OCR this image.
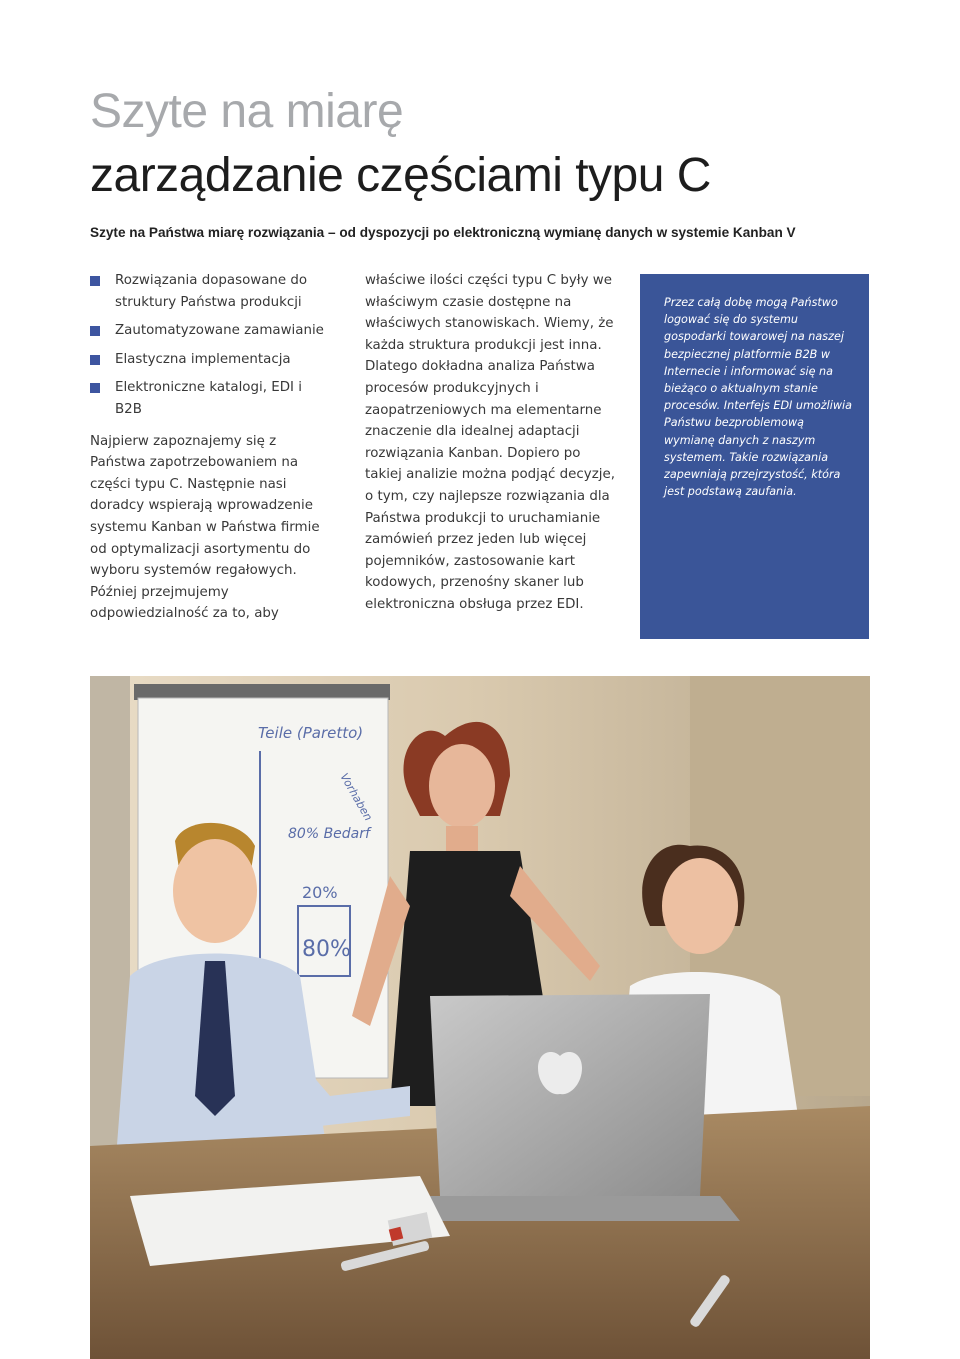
Szyte na miarę
zarządzanie częściami typu C

Szyte na Państwa miarę rozwiązania – od dyspozycji po elektroniczną wymianę danych w systemie Kanban V

Rozwiązania dopasowane do struktury Państwa produkcji
Zautomatyzowane zamawianie
Elastyczna implementacja
Elektroniczne katalogi, EDI i B2B

Najpierw zapoznajemy się z Państwa zapotrzebowaniem na części typu C. Następnie nasi doradcy wspierają wprowadzenie systemu Kanban w Państwa firmie od optymalizacji asortymentu do wyboru systemów regałowych. Później przejmujemy odpowiedzialność za to, aby

właściwe ilości części typu C były we właściwym czasie dostępne na właściwych stanowiskach. Wiemy, że każda struktura produkcji jest inna. Dlatego dokładna analiza Państwa procesów produkcyjnych i zaopatrzeniowych ma elementarne znaczenie dla idealnej adaptacji rozwiązania Kanban. Dopiero po takiej analizie można podjąć decyzje, o tym, czy najlepsze rozwiązania dla Państwa produkcji to uruchamianie zamówień przez jeden lub więcej pojemników, zastosowanie kart kodowych, przenośny skaner lub elektroniczna obsługa przez EDI.

Przez całą dobę mogą Państwo logować się do systemu gospodarki towarowej na naszej bezpiecznej platformie B2B w Internecie i informować się na bieżąco o aktualnym stanie procesów. Interfejs EDI umożliwia Państwu bezproblemową wymianę danych z naszym systemem. Takie rozwiązania zapewniają przejrzystość, która jest podstawą zaufania.

Teile (Paretto)
80% Bedarf
20%
80%
Vorhaben
